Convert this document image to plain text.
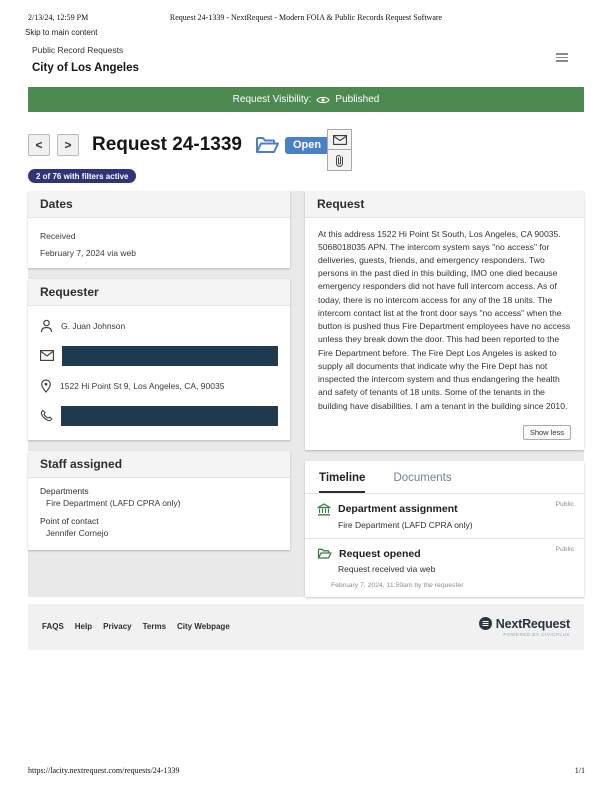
2/13/24, 12:59 PM	Request 24-1339 - NextRequest - Modern FOIA & Public Records Request Software
Skip to main content
Public Record Requests
City of Los Angeles
Request Visibility: Published
<	>	Request 24-1339	Open
2 of 76 with filters active
Dates
Received
February 7, 2024 via web
Requester
G. Juan Johnson
1522 Hi Point St 9, Los Angeles, CA, 90035
Staff assigned
Departments
Fire Department (LAFD CPRA only)
Point of contact
Jennifer Cornejo
Request

At this address 1522 Hi Point St South, Los Angeles, CA 90035. 5068018035 APN. The intercom system says "no access" for deliveries, guests, friends, and emergency responders. Two persons in the past died in this building, IMO one died because emergency responders did not have full intercom access. As of today, there is no intercom access for any of the 18 units. The intercom contact list at the front door says "no access" when the button is pushed thus Fire Department employees have no access unless they break down the door. This had been reported to the Fire Department before. The Fire Dept Los Angeles is asked to supply all documents that indicate why the Fire Dept has not inspected the intercom system and thus endangering the health and safety of tenants of 18 units. Some of the tenants in the building have disabilities. I am a tenant in the building since 2010.

Show less
Timeline Documents
Public
Department assignment
Fire Department (LAFD CPRA only)
Public
Request opened
Request received via web
February 7, 2024, 11:59am by the requester
FAQS Help Privacy Terms City Webpage	NextRequest
POWERED BY CIVICPLUS
https://lacity.nextrequest.com/requests/24-1339	1/1
